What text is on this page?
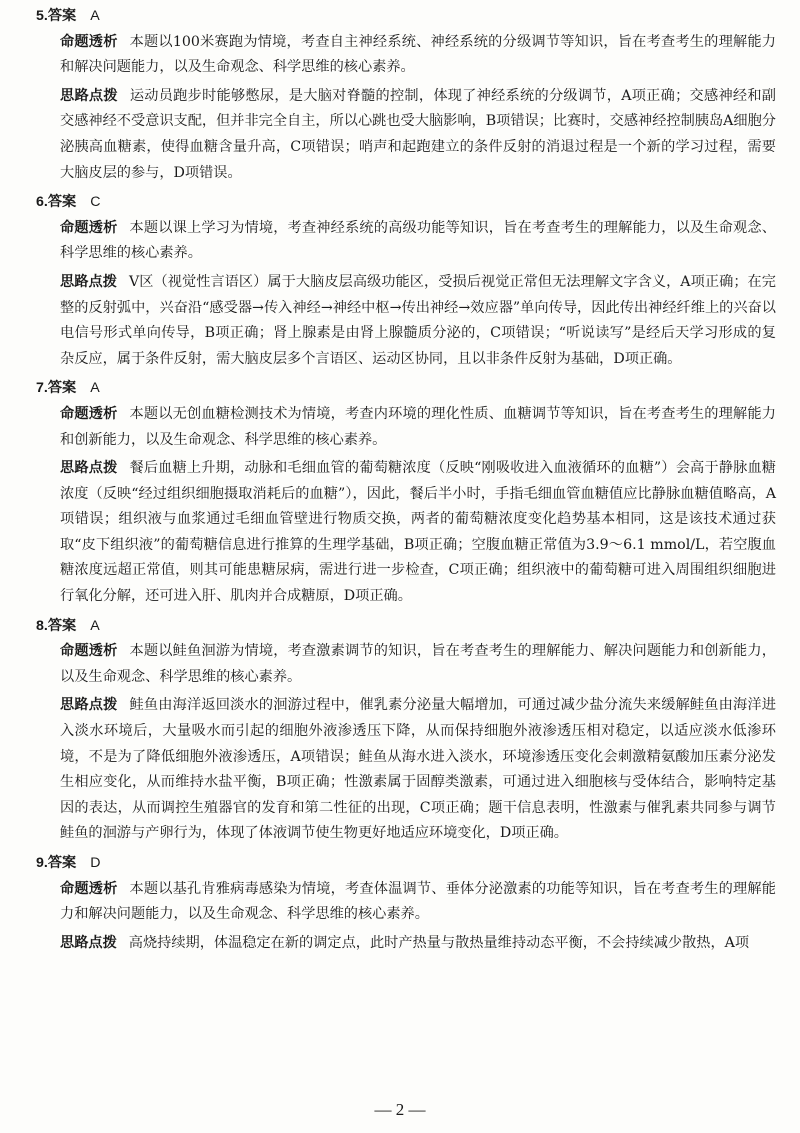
5.答案 A

命题透析 本题以100米赛跑为情境，考查自主神经系统、神经系统的分级调节等知识，旨在考查考生的理解能力和解决问题能力，以及生命观念、科学思维的核心素养。

思路点拨 运动员跑步时能够憋尿，是大脑对脊髓的控制，体现了神经系统的分级调节，A项正确；交感神经和副交感神经不受意识支配，但并非完全自主，所以心跳也受大脑影响，B项错误；比赛时，交感神经控制胰岛A细胞分泌胰高血糖素，使得血糖含量升高，C项错误；哨声和起跑建立的条件反射的消退过程是一个新的学习过程，需要大脑皮层的参与，D项错误。

6.答案 C

命题透析 本题以课上学习为情境，考查神经系统的高级功能等知识，旨在考查考生的理解能力，以及生命观念、科学思维的核心素养。

思路点拨 V区（视觉性言语区）属于大脑皮层高级功能区，受损后视觉正常但无法理解文字含义，A项正确；在完整的反射弧中，兴奋沿“感受器→传入神经→神经中枢→传出神经→效应器”单向传导，因此传出神经纤维上的兴奋以电信号形式单向传导，B项正确；肾上腺素是由肾上腺髓质分泌的，C项错误；“听说读写”是经后天学习形成的复杂反应，属于条件反射，需大脑皮层多个言语区、运动区协同，且以非条件反射为基础，D项正确。

7.答案 A

命题透析 本题以无创血糖检测技术为情境，考查内环境的理化性质、血糖调节等知识，旨在考查考生的理解能力和创新能力，以及生命观念、科学思维的核心素养。

思路点拨 餐后血糖上升期，动脉和毛细血管的葡萄糖浓度（反映“刚吸收进入血液循环的血糖”）会高于静脉血糖浓度（反映“经过组织细胞摄取消耗后的血糖”），因此，餐后半小时，手指毛细血管血糖值应比静脉血糖值略高，A项错误；组织液与血浆通过毛细血管壁进行物质交换，两者的葡萄糖浓度变化趋势基本相同，这是该技术通过获取“皮下组织液”的葡萄糖信息进行推算的生理学基础，B项正确；空腹血糖正常值为3.9～6.1 mmol/L，若空腹血糖浓度远超正常值，则其可能患糖尿病，需进行进一步检查，C项正确；组织液中的葡萄糖可进入周围组织细胞进行氧化分解，还可进入肝、肌肉并合成糖原，D项正确。

8.答案 A

命题透析 本题以鲑鱼洄游为情境，考查激素调节的知识，旨在考查考生的理解能力、解决问题能力和创新能力，以及生命观念、科学思维的核心素养。

思路点拨 鲑鱼由海洋返回淡水的洄游过程中，催乳素分泌量大幅增加，可通过减少盐分流失来缓解鲑鱼由海洋进入淡水环境后，大量吸水而引起的细胞外液渗透压下降，从而保持细胞外液渗透压相对稳定，以适应淡水低渗环境，不是为了降低细胞外液渗透压，A项错误；鲑鱼从海水进入淡水，环境渗透压变化会刺激精氨酸加压素分泌发生相应变化，从而维持水盐平衡，B项正确；性激素属于固醇类激素，可通过进入细胞核与受体结合，影响特定基因的表达，从而调控生殖器官的发育和第二性征的出现，C项正确；题干信息表明，性激素与催乳素共同参与调节鲑鱼的洄游与产卵行为，体现了体液调节使生物更好地适应环境变化，D项正确。

9.答案 D

命题透析 本题以基孔肯雅病毒感染为情境，考查体温调节、垂体分泌激素的功能等知识，旨在考查考生的理解能力和解决问题能力，以及生命观念、科学思维的核心素养。

思路点拨 高烧持续期，体温稳定在新的调定点，此时产热量与散热量维持动态平衡，不会持续减少散热，A项

— 2 —
